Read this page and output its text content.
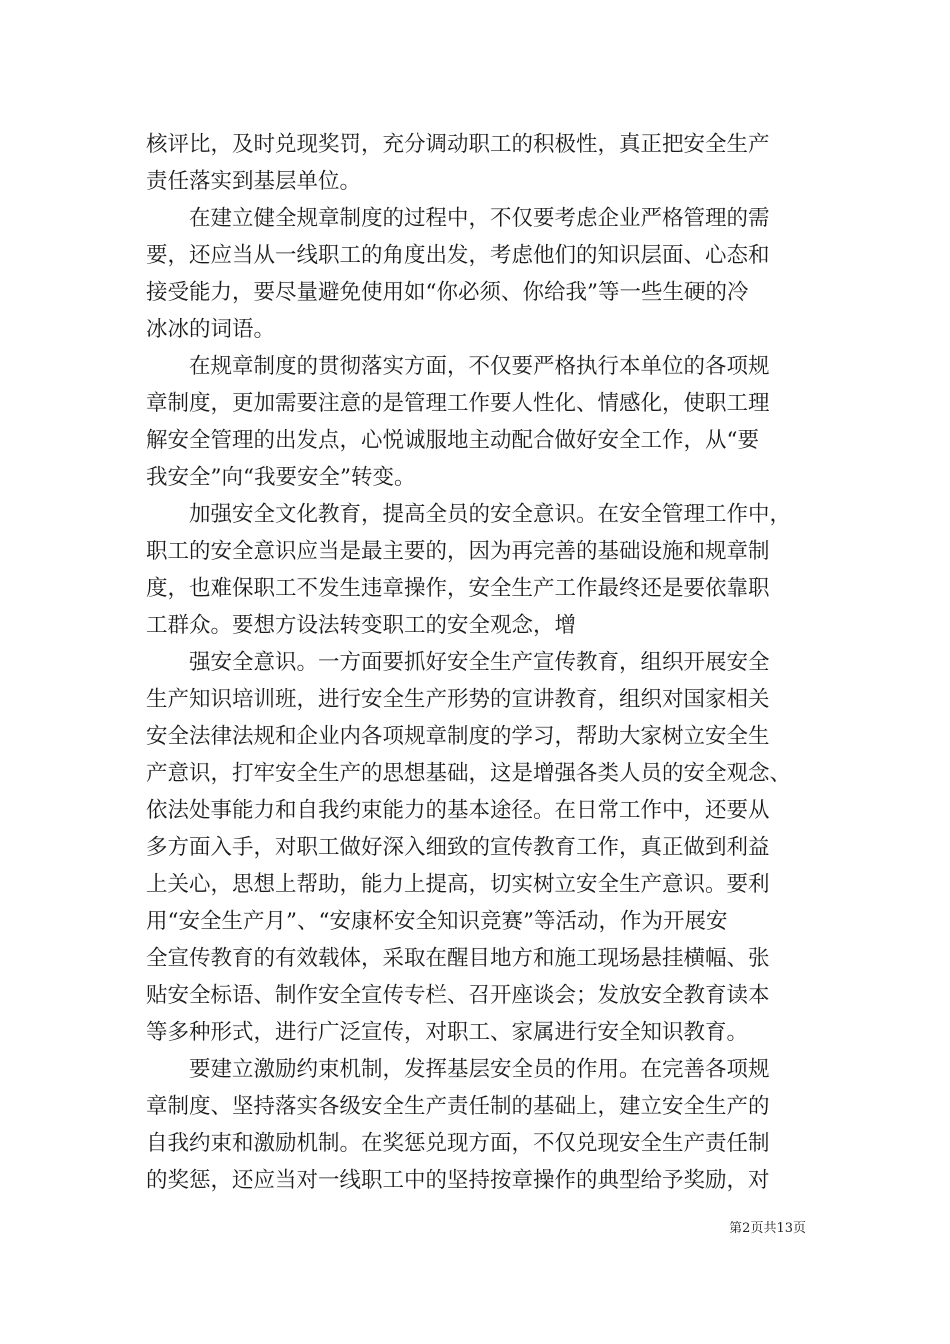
核评比，及时兑现奖罚，充分调动职工的积极性，真正把安全生产
责任落实到基层单位。
在建立健全规章制度的过程中，不仅要考虑企业严格管理的需
要，还应当从一线职工的角度出发，考虑他们的知识层面、心态和
接受能力，要尽量避免使用如“你必须、你给我”等一些生硬的冷
冰冰的词语。
在规章制度的贯彻落实方面，不仅要严格执行本单位的各项规
章制度，更加需要注意的是管理工作要人性化、情感化，使职工理
解安全管理的出发点，心悦诚服地主动配合做好安全工作，从“要
我安全”向“我要安全”转变。
加强安全文化教育，提高全员的安全意识。在安全管理工作中，
职工的安全意识应当是最主要的，因为再完善的基础设施和规章制
度，也难保职工不发生违章操作，安全生产工作最终还是要依靠职
工群众。要想方设法转变职工的安全观念，增
强安全意识。一方面要抓好安全生产宣传教育，组织开展安全
生产知识培训班，进行安全生产形势的宣讲教育，组织对国家相关
安全法律法规和企业内各项规章制度的学习，帮助大家树立安全生
产意识，打牢安全生产的思想基础，这是增强各类人员的安全观念、
依法处事能力和自我约束能力的基本途径。在日常工作中，还要从
多方面入手，对职工做好深入细致的宣传教育工作，真正做到利益
上关心，思想上帮助，能力上提高，切实树立安全生产意识。要利
用“安全生产月”、“安康杯安全知识竞赛”等活动，作为开展安
全宣传教育的有效载体，采取在醒目地方和施工现场悬挂横幅、张
贴安全标语、制作安全宣传专栏、召开座谈会；发放安全教育读本
等多种形式，进行广泛宣传，对职工、家属进行安全知识教育。
要建立激励约束机制，发挥基层安全员的作用。在完善各项规
章制度、坚持落实各级安全生产责任制的基础上，建立安全生产的
自我约束和激励机制。在奖惩兑现方面，不仅兑现安全生产责任制
的奖惩，还应当对一线职工中的坚持按章操作的典型给予奖励，对
第2页共13页
